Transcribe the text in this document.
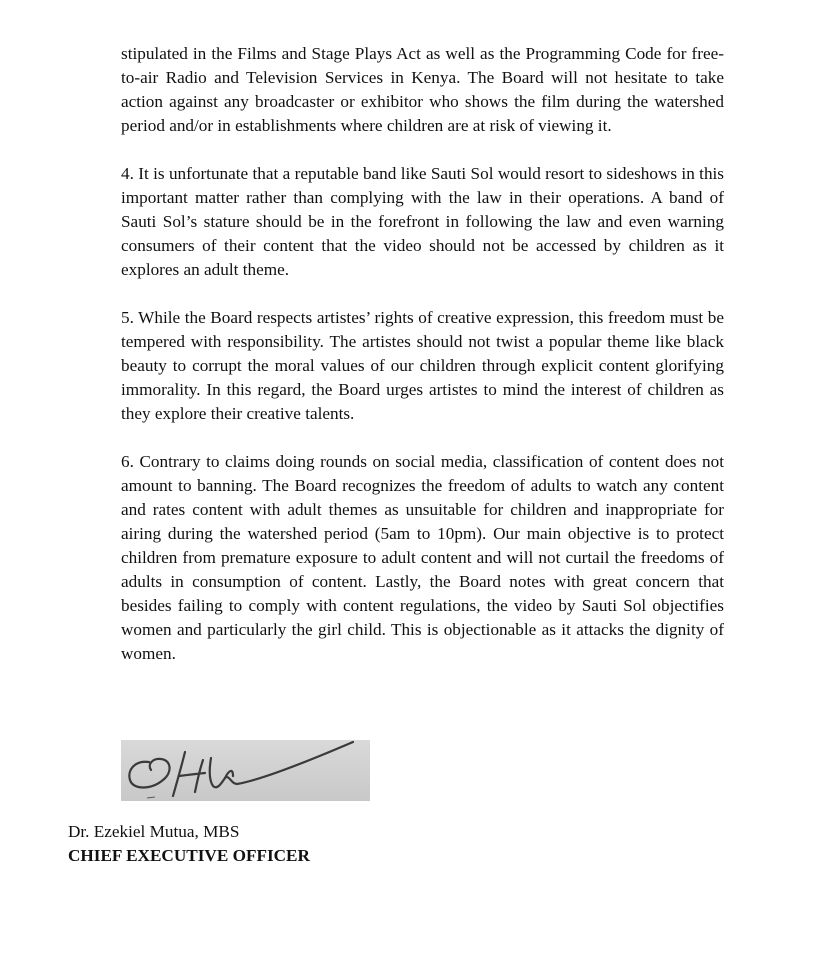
stipulated in the Films and Stage Plays Act as well as the Programming Code for free-to-air Radio and Television Services in Kenya. The Board will not hesitate to take action against any broadcaster or exhibitor who shows the film during the watershed period and/or in establishments where children are at risk of viewing it.

4. It is unfortunate that a reputable band like Sauti Sol would resort to sideshows in this important matter rather than complying with the law in their operations. A band of Sauti Sol’s stature should be in the forefront in following the law and even warning consumers of their content that the video should not be accessed by children as it explores an adult theme.

5. While the Board respects artistes’ rights of creative expression, this freedom must be tempered with responsibility. The artistes should not twist a popular theme like black beauty to corrupt the moral values of our children through explicit content glorifying immorality. In this regard, the Board urges artistes to mind the interest of children as they explore their creative talents.

6. Contrary to claims doing rounds on social media, classification of content does not amount to banning. The Board recognizes the freedom of adults to watch any content and rates content with adult themes as unsuitable for children and inappropriate for airing during the watershed period (5am to 10pm). Our main objective is to protect children from premature exposure to adult content and will not curtail the freedoms of adults in consumption of content. Lastly, the Board notes with great concern that besides failing to comply with content regulations, the video by Sauti Sol objectifies women and particularly the girl child. This is objectionable as it attacks the dignity of women.

Dr. Ezekiel Mutua, MBS
CHIEF EXECUTIVE OFFICER
